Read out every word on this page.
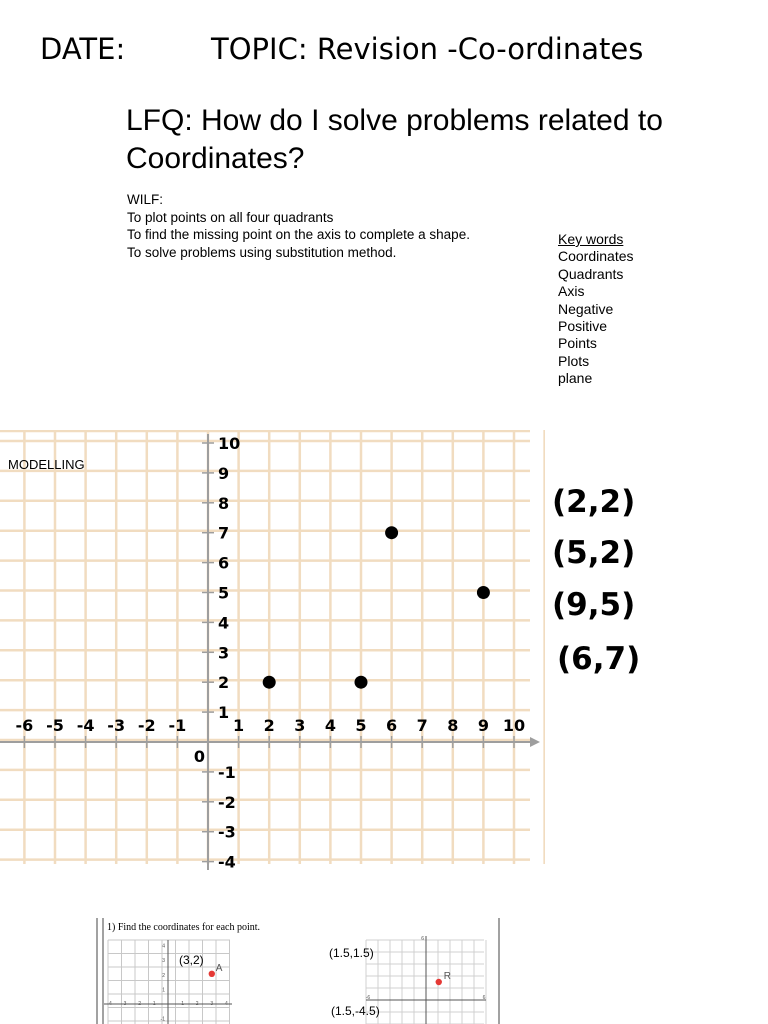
DATE:	TOPIC: Revision -Co-ordinates
LFQ: How do I solve problems related to Coordinates?
WILF:
To plot points on all four quadrants
To find the missing point on the axis to complete a shape.
To solve problems using substitution method.
Key words
Coordinates
Quadrants
Axis
Negative
Positive
Points
Plots
plane
-6 -5 -4 -3 -2 -1	1 2 3 4 5 6 7 8 9 10
10
9
8
7
6
5
4
3
2
1
-1
-2
-3
-4
0
MODELLING
(2,2)
(5,2)
(9,5)
(6,7)
1) Find the coordinates for each point.
-4 -3 -2 -1	1 2 3 4
4
3
2
1
-1
A
(3,2)
6
-6	6
R
(1.5,1.5)
(1.5,-4.5)
